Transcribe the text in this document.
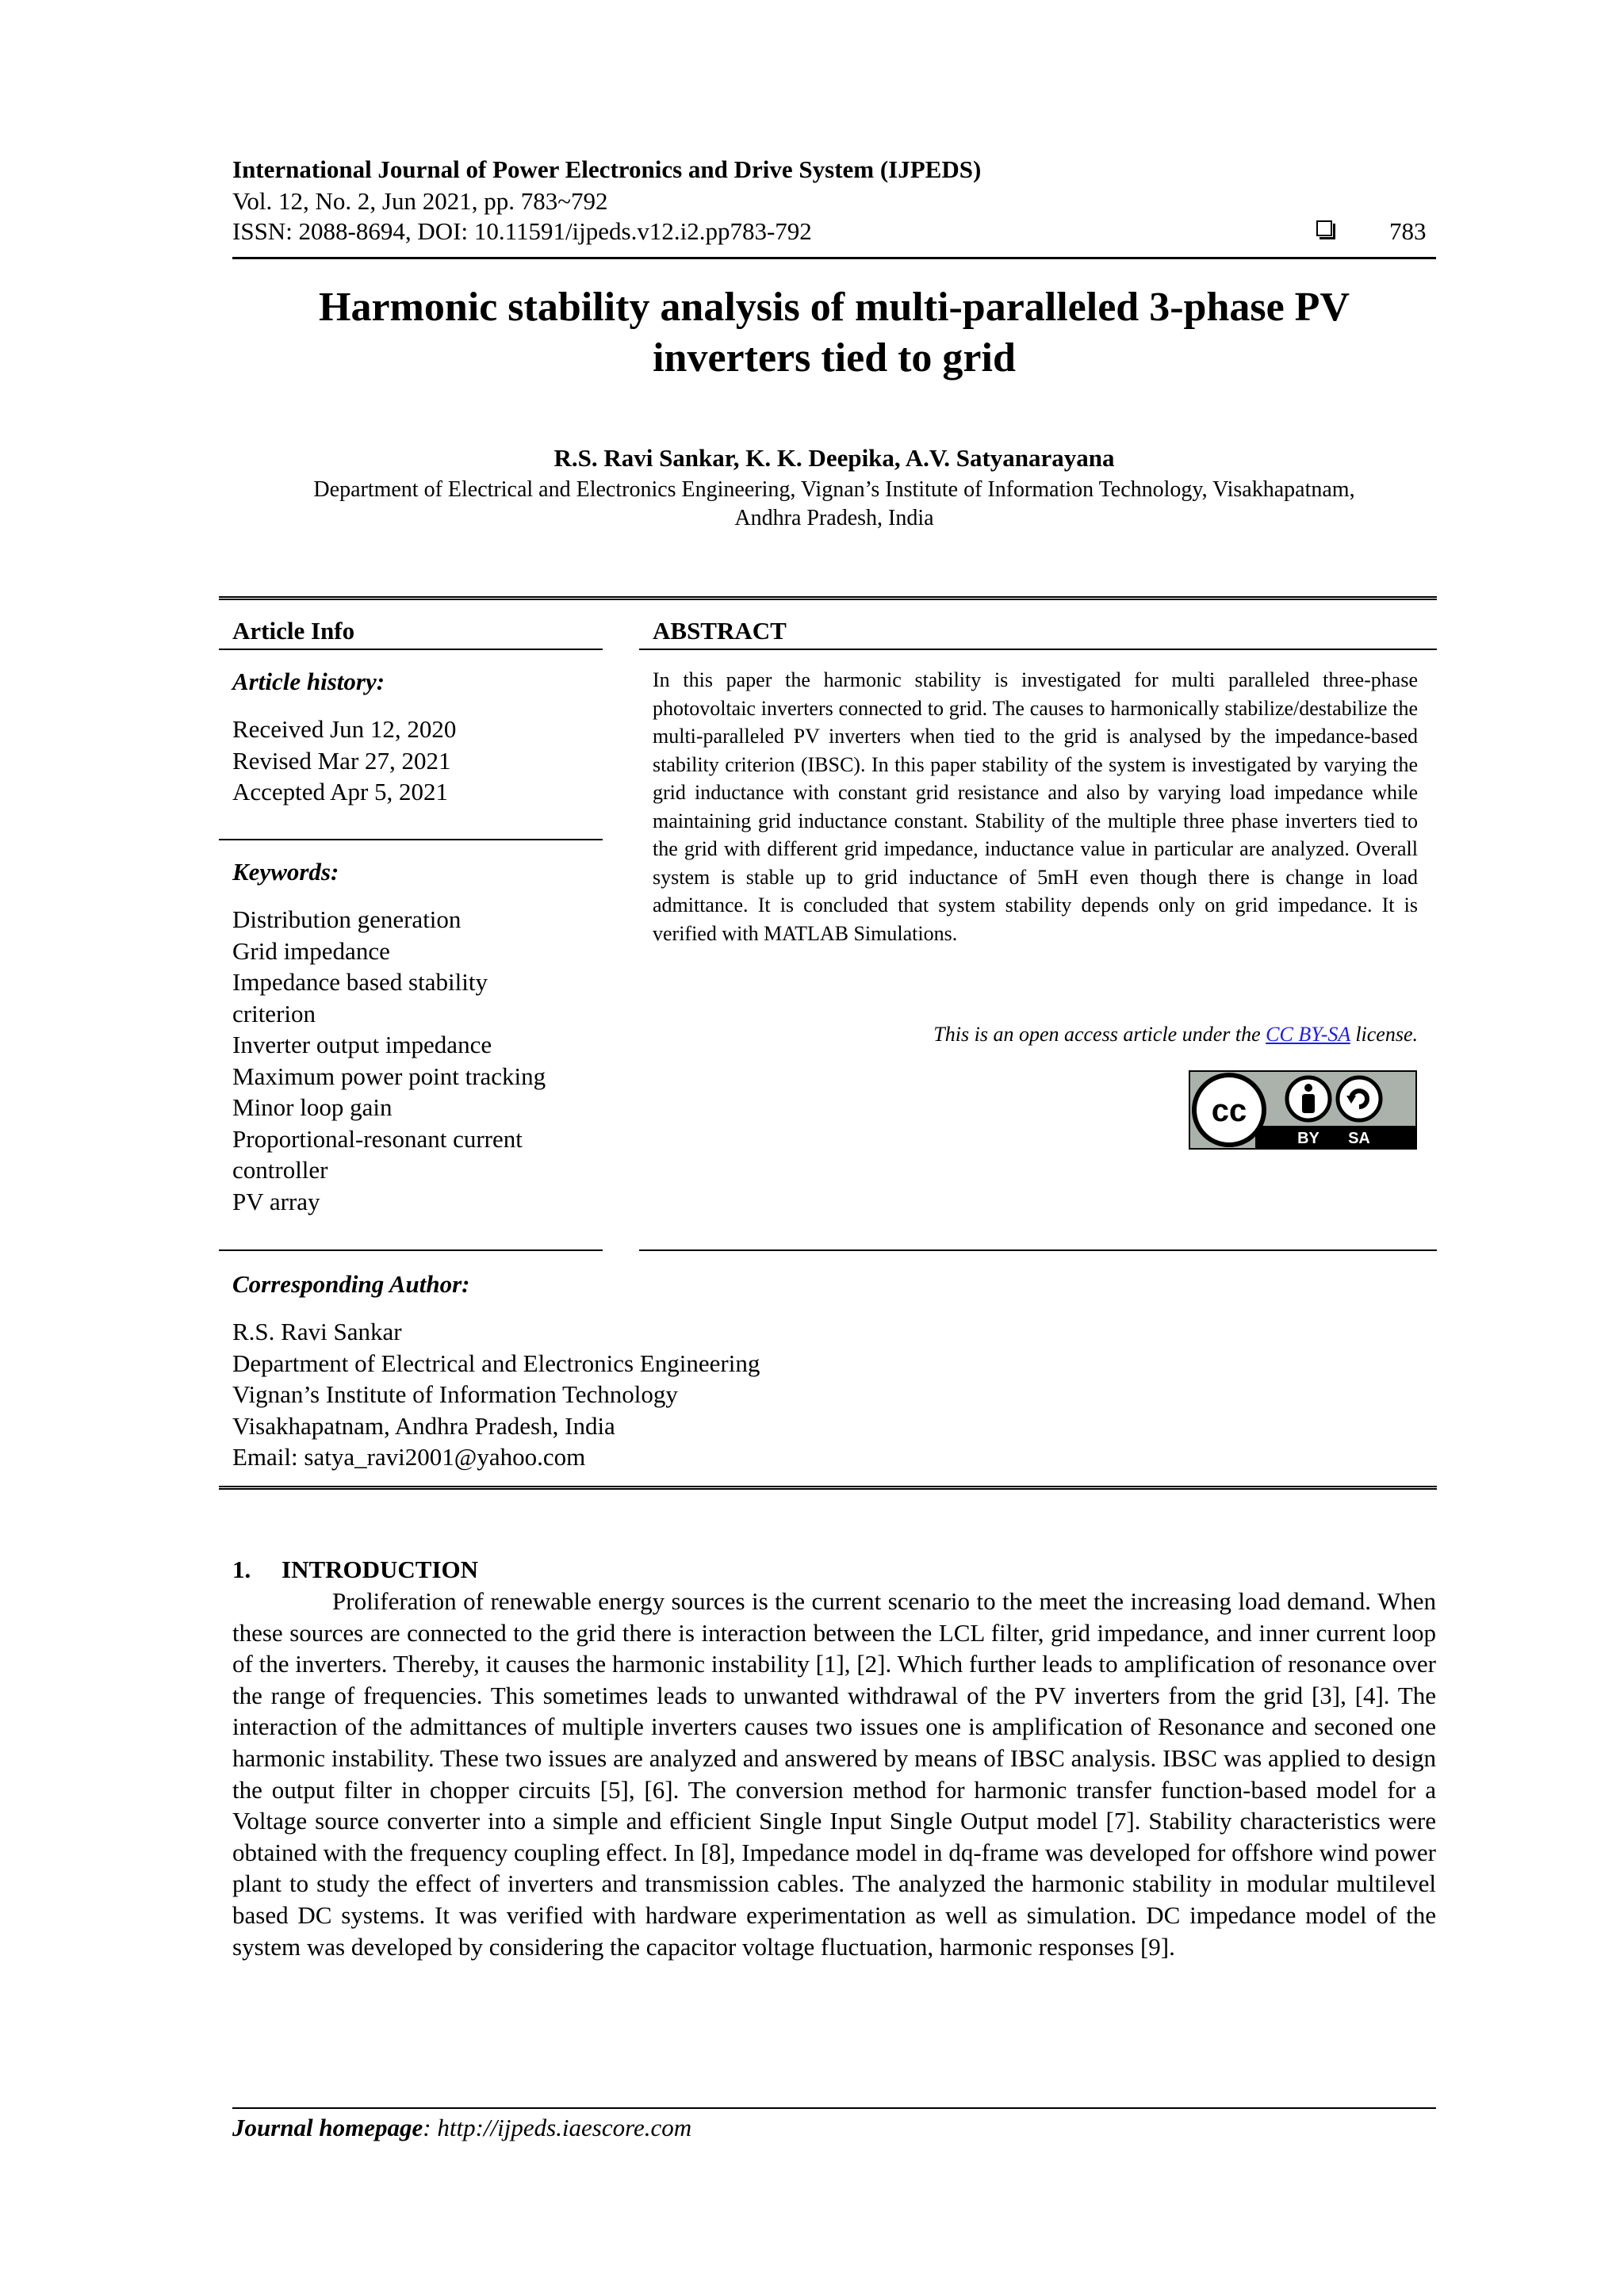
International Journal of Power Electronics and Drive System (IJPEDS)
Vol. 12, No. 2, Jun 2021, pp. 783~792
ISSN: 2088-8694, DOI: 10.11591/ijpeds.v12.i2.pp783-792	783
Harmonic stability analysis of multi-paralleled 3-phase PV
inverters tied to grid
R.S. Ravi Sankar, K. K. Deepika, A.V. Satyanarayana
Department of Electrical and Electronics Engineering, Vignan’s Institute of Information Technology, Visakhapatnam,
Andhra Pradesh, India
Article Info
Article history:
Received Jun 12, 2020
Revised Mar 27, 2021
Accepted Apr 5, 2021
Keywords:
Distribution generation
Grid impedance
Impedance based stability
criterion
Inverter output impedance
Maximum power point tracking
Minor loop gain
Proportional-resonant current
controller
PV array
ABSTRACT
In this paper the harmonic stability is investigated for multi paralleled three-phase photovoltaic inverters connected to grid. The causes to harmonically stabilize/destabilize the multi-paralleled PV inverters when tied to the grid is analysed by the impedance-based stability criterion (IBSC). In this paper stability of the system is investigated by varying the grid inductance with constant grid resistance and also by varying load impedance while maintaining grid inductance constant. Stability of the multiple three phase inverters tied to the grid with different grid impedance, inductance value in particular are analyzed. Overall system is stable up to grid inductance of 5mH even though there is change in load admittance. It is concluded that system stability depends only on grid impedance. It is verified with MATLAB Simulations.
This is an open access article under the CC BY-SA license.
cc
BY SA
Corresponding Author:
R.S. Ravi Sankar
Department of Electrical and Electronics Engineering
Vignan’s Institute of Information Technology
Visakhapatnam, Andhra Pradesh, India
Email: satya_ravi2001@yahoo.com
1.     INTRODUCTION
Proliferation of renewable energy sources is the current scenario to the meet the increasing load demand. When these sources are connected to the grid there is interaction between the LCL filter, grid impedance, and inner current loop of the inverters. Thereby, it causes the harmonic instability [1], [2]. Which further leads to amplification of resonance over the range of frequencies. This sometimes leads to unwanted withdrawal of the PV inverters from the grid [3], [4]. The interaction of the admittances of multiple inverters causes two issues one is amplification of Resonance and seconed one harmonic instability. These two issues are analyzed and answered by means of IBSC analysis. IBSC was applied to design the output filter in chopper circuits [5], [6]. The conversion method for harmonic transfer function-based model for a Voltage source converter into a simple and efficient Single Input Single Output model [7]. Stability characteristics were obtained with the frequency coupling effect. In [8], Impedance model in dq-frame was developed for offshore wind power plant to study the effect of inverters and transmission cables. The analyzed the harmonic stability in modular multilevel based DC systems. It was verified with hardware experimentation as well as simulation. DC impedance model of the system was developed by considering the capacitor voltage fluctuation, harmonic responses [9].
Journal homepage: http://ijpeds.iaescore.com
